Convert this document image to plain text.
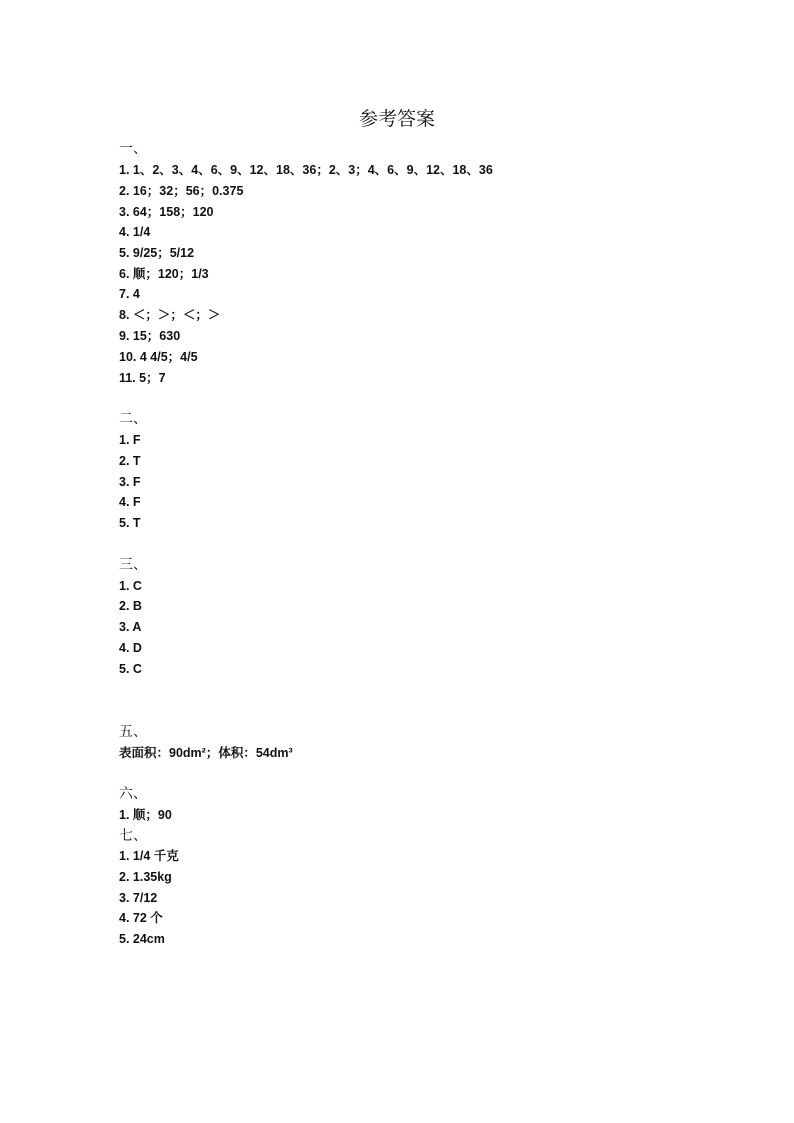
参考答案
一、
1. 1、2、3、4、6、9、12、18、36；2、3；4、6、9、12、18、36
2. 16；32；56；0.375
3. 64；158；120
4. 1/4
5. 9/25；5/12
6. 顺；120；1/3
7. 4
8. ＜；＞；＜；＞
9. 15；630
10. 4 4/5；4/5
11. 5；7
二、
1. F
2. T
3. F
4. F
5. T
三、
1. C
2. B
3. A
4. D
5. C
五、
表面积：90dm²；体积：54dm³
六、
1. 顺；90
七、
1. 1/4 千克
2. 1.35kg
3. 7/12
4. 72 个
5. 24cm
